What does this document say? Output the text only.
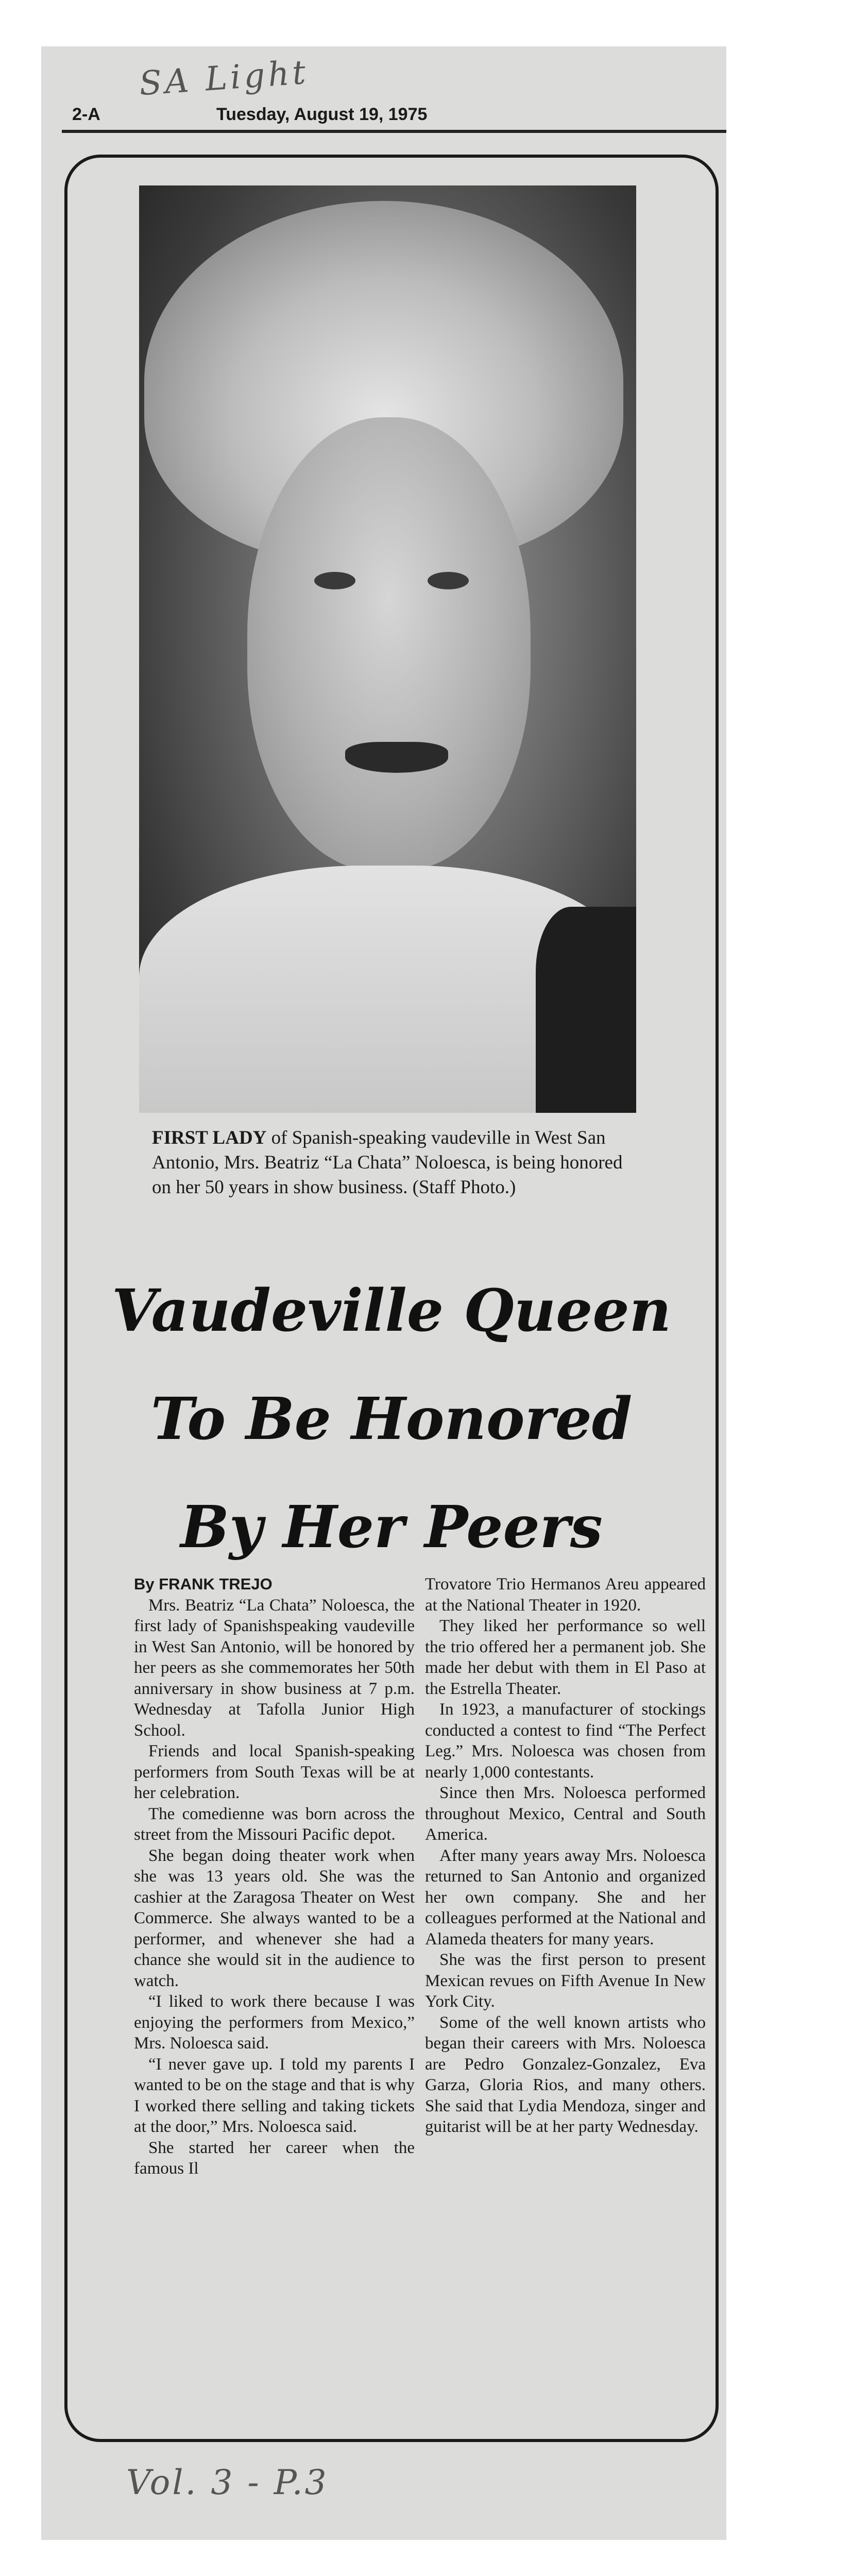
SA Light
2-A	Tuesday, August 19, 1975
FIRST LADY of Spanish-speaking vaudeville in West San Antonio, Mrs. Beatriz “La Chata” Noloesca, is being honored on her 50 years in show business. (Staff Photo.)
Vaudeville Queen
To Be Honored
By Her Peers

By FRANK TREJO

Mrs. Beatriz “La Chata” Noloesca, the first lady of Spanishspeaking vaudeville in West San Antonio, will be honored by her peers as she commemorates her 50th anniversary in show business at 7 p.m. Wednesday at Tafolla Junior High School.

Friends and local Spanish-speaking performers from South Texas will be at her celebration.

The comedienne was born across the street from the Missouri Pacific depot.

She began doing theater work when she was 13 years old. She was the cashier at the Zaragosa Theater on West Commerce. She always wanted to be a performer, and whenever she had a chance she would sit in the audience to watch.

“I liked to work there because I was enjoying the performers from Mexico,” Mrs. Noloesca said.

“I never gave up. I told my parents I wanted to be on the stage and that is why I worked there selling and taking tickets at the door,” Mrs. Noloesca said.

She started her career when the famous Il

Trovatore Trio Hermanos Areu appeared at the National Theater in 1920.

They liked her performance so well the trio offered her a permanent job. She made her debut with them in El Paso at the Estrella Theater.

In 1923, a manufacturer of stockings conducted a contest to find “The Perfect Leg.” Mrs. Noloesca was chosen from nearly 1,000 contestants.

Since then Mrs. Noloesca performed throughout Mexico, Central and South America.

After many years away Mrs. Noloesca returned to San Antonio and organized her own company. She and her colleagues performed at the National and Alameda theaters for many years.

She was the first person to present Mexican revues on Fifth Avenue In New York City.

Some of the well known artists who began their careers with Mrs. Noloesca are Pedro Gonzalez-Gonzalez, Eva Garza, Gloria Rios, and many others. She said that Lydia Mendoza, singer and guitarist will be at her party Wednesday.

Vol. 3 - P.3
